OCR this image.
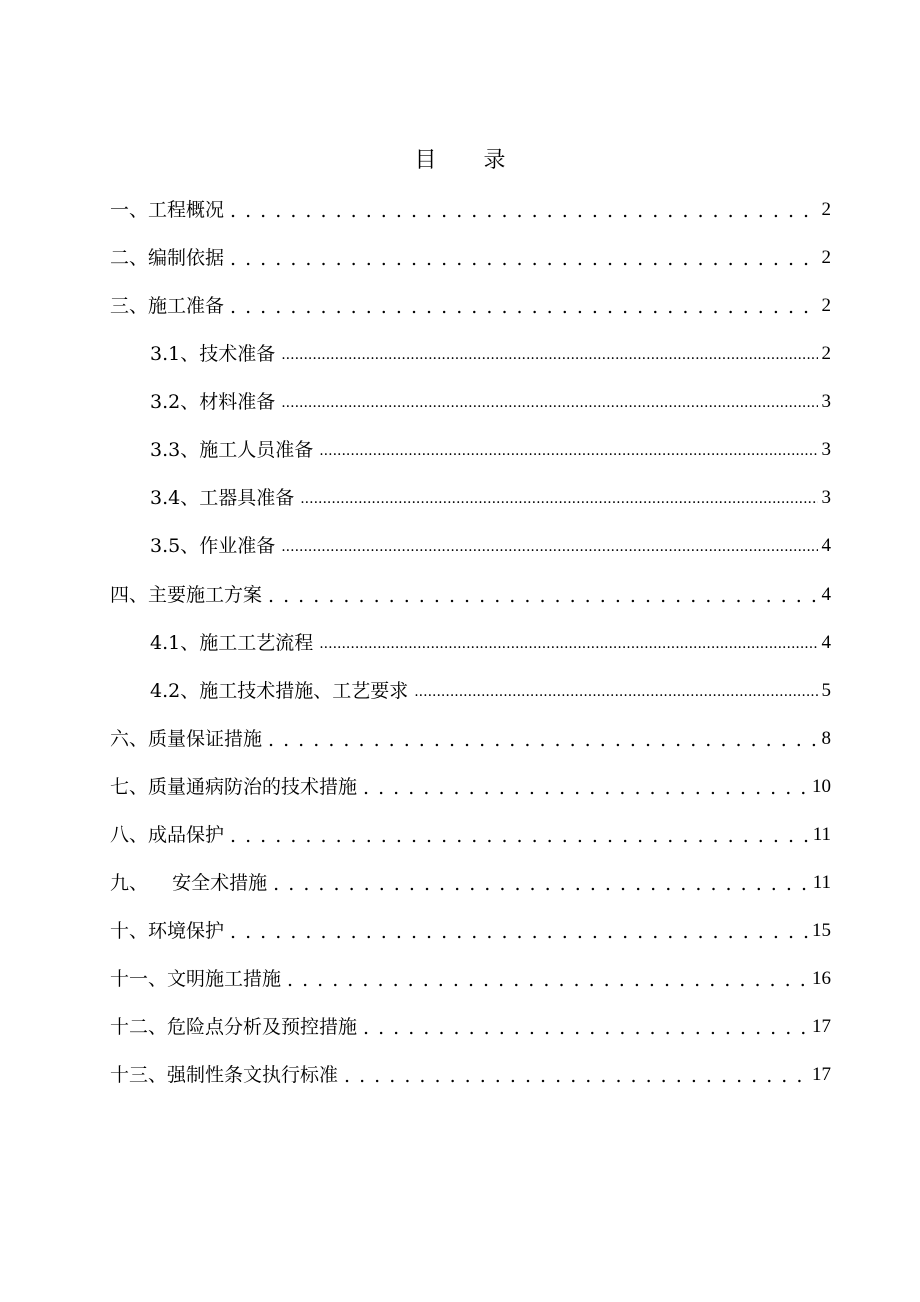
目 录
一、工程概况 . . .	2
二、编制依据 . . .	2
三、施工准备 . . .	2
3.1、技术准备 .....	2
3.2、材料准备 .....	3
3.3、施工人员准备 .....	3
3.4、工器具准备 .....	3
3.5、作业准备 .....	4
四、主要施工方案 . . .	4
4.1、施工工艺流程 .....	4
4.2、施工技术措施、工艺要求 .....	5
六、质量保证措施 . . .	8
七、质量通病防治的技术措施 . . .	10
八、成品保护 . . .	11
九、    安全术措施 . . .	11
十、环境保护 . . .	15
十一、文明施工措施 . . .	16
十二、危险点分析及预控措施 . . .	17
十三、强制性条文执行标准 . . .	17
